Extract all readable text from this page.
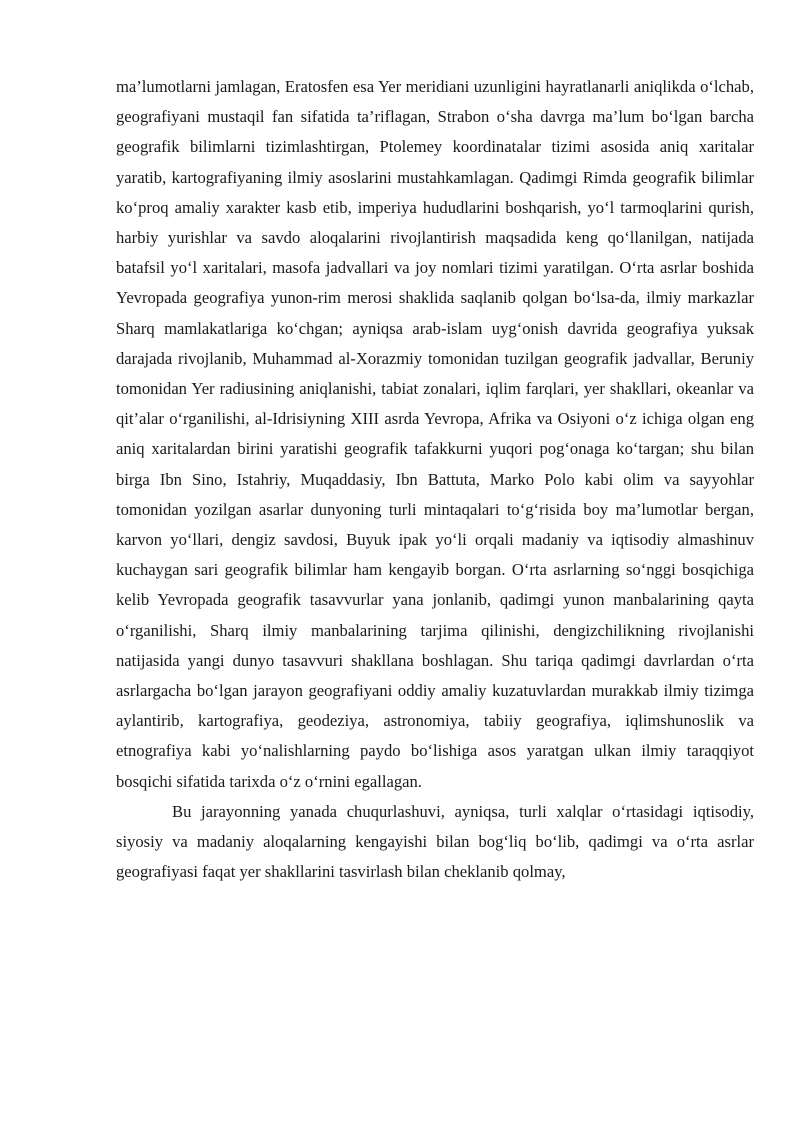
ma’lumotlarni jamlagan, Eratosfen esa Yer meridiani uzunligini hayratlanarli aniqlikda o‘lchab, geografiyani mustaqil fan sifatida ta’riflagan, Strabon o‘sha davrga ma’lum bo‘lgan barcha geografik bilimlarni tizimlashtirgan, Ptolemey koordinatalar tizimi asosida aniq xaritalar yaratib, kartografiyaning ilmiy asoslarini mustahkamlagan. Qadimgi Rimda geografik bilimlar ko‘proq amaliy xarakter kasb etib, imperiya hududlarini boshqarish, yo‘l tarmoqlarini qurish, harbiy yurishlar va savdo aloqalarini rivojlantirish maqsadida keng qo‘llanilgan, natijada batafsil yo‘l xaritalari, masofa jadvallari va joy nomlari tizimi yaratilgan. O‘rta asrlar boshida Yevropada geografiya yunon-rim merosi shaklida saqlanib qolgan bo‘lsa-da, ilmiy markazlar Sharq mamlakatlariga ko‘chgan; ayniqsa arab-islam uyg‘onish davrida geografiya yuksak darajada rivojlanib, Muhammad al-Xorazmiy tomonidan tuzilgan geografik jadvallar, Beruniy tomonidan Yer radiusining aniqlanishi, tabiat zonalari, iqlim farqlari, yer shakllari, okeanlar va qit’alar o‘rganilishi, al-Idrisiyning XIII asrda Yevropa, Afrika va Osiyoni o‘z ichiga olgan eng aniq xaritalardan birini yaratishi geografik tafakkurni yuqori pog‘onaga ko‘targan; shu bilan birga Ibn Sino, Istahriy, Muqaddasiy, Ibn Battuta, Marko Polo kabi olim va sayyohlar tomonidan yozilgan asarlar dunyoning turli mintaqalari to‘g‘risida boy ma’lumotlar bergan, karvon yo‘llari, dengiz savdosi, Buyuk ipak yo‘li orqali madaniy va iqtisodiy almashinuv kuchaygan sari geografik bilimlar ham kengayib borgan. O‘rta asrlarning so‘nggi bosqichiga kelib Yevropada geografik tasavvurlar yana jonlanib, qadimgi yunon manbalarining qayta o‘rganilishi, Sharq ilmiy manbalarining tarjima qilinishi, dengizchilikning rivojlanishi natijasida yangi dunyo tasavvuri shakllana boshlagan. Shu tariqa qadimgi davrlardan o‘rta asrlargacha bo‘lgan jarayon geografiyani oddiy amaliy kuzatuvlardan murakkab ilmiy tizimga aylantirib, kartografiya, geodeziya, astronomiya, tabiiy geografiya, iqlimshunoslik va etnografiya kabi yo‘nalishlarning paydo bo‘lishiga asos yaratgan ulkan ilmiy taraqqiyot bosqichi sifatida tarixda o‘z o‘rnini egallagan.

Bu jarayonning yanada chuqurlashuvi, ayniqsa, turli xalqlar o‘rtasidagi iqtisodiy, siyosiy va madaniy aloqalarning kengayishi bilan bog‘liq bo‘lib, qadimgi va o‘rta asrlar geografiyasi faqat yer shakllarini tasvirlash bilan cheklanib qolmay,
